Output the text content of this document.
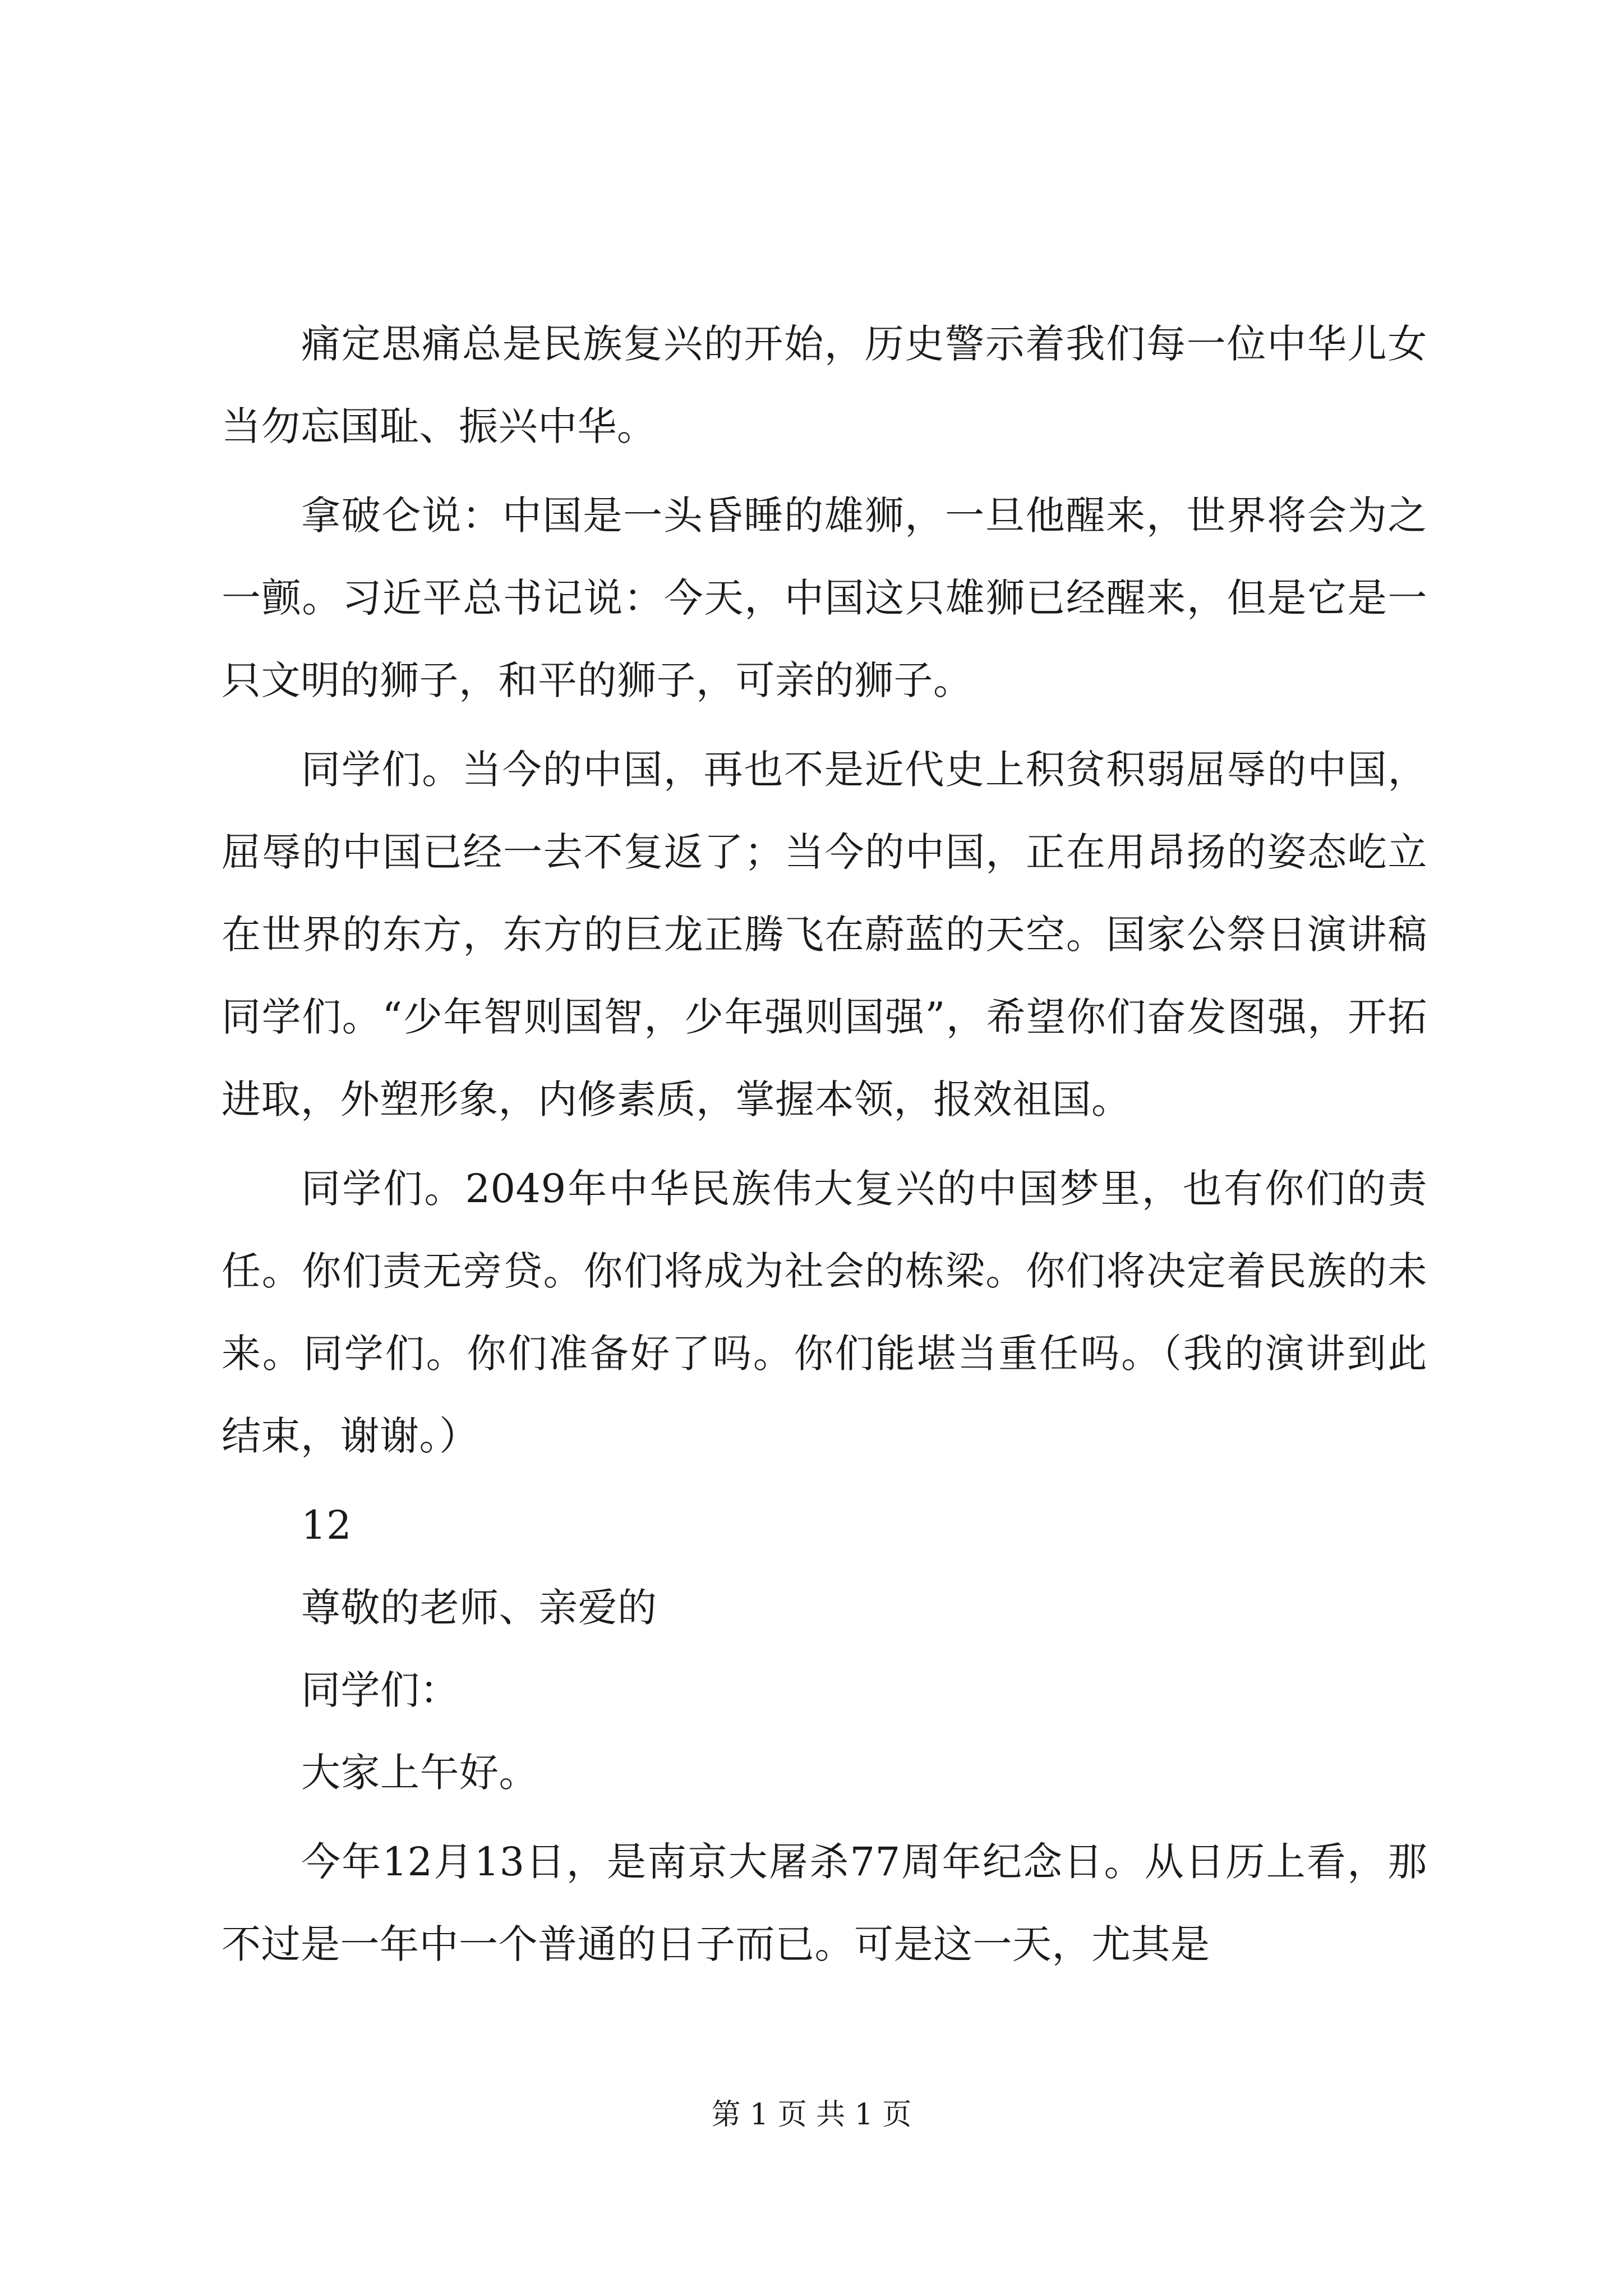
痛定思痛总是民族复兴的开始，历史警示着我们每一位中华儿女当勿忘国耻、振兴中华。

拿破仑说：中国是一头昏睡的雄狮，一旦他醒来，世界将会为之一颤。习近平总书记说：今天，中国这只雄狮已经醒来，但是它是一只文明的狮子，和平的狮子，可亲的狮子。

同学们。当今的中国，再也不是近代史上积贫积弱屈辱的中国，屈辱的中国已经一去不复返了；当今的中国，正在用昂扬的姿态屹立在世界的东方，东方的巨龙正腾飞在蔚蓝的天空。国家公祭日演讲稿同学们。“少年智则国智，少年强则国强”，希望你们奋发图强，开拓进取，外塑形象，内修素质，掌握本领，报效祖国。

同学们。2049年中华民族伟大复兴的中国梦里，也有你们的责任。你们责无旁贷。你们将成为社会的栋梁。你们将决定着民族的未来。同学们。你们准备好了吗。你们能堪当重任吗。（我的演讲到此结束，谢谢。）

12

尊敬的老师、亲爱的

同学们：

大家上午好。

今年12月13日，是南京大屠杀77周年纪念日。从日历上看，那不过是一年中一个普通的日子而已。可是这一天，尤其是

第 1 页 共 1 页
